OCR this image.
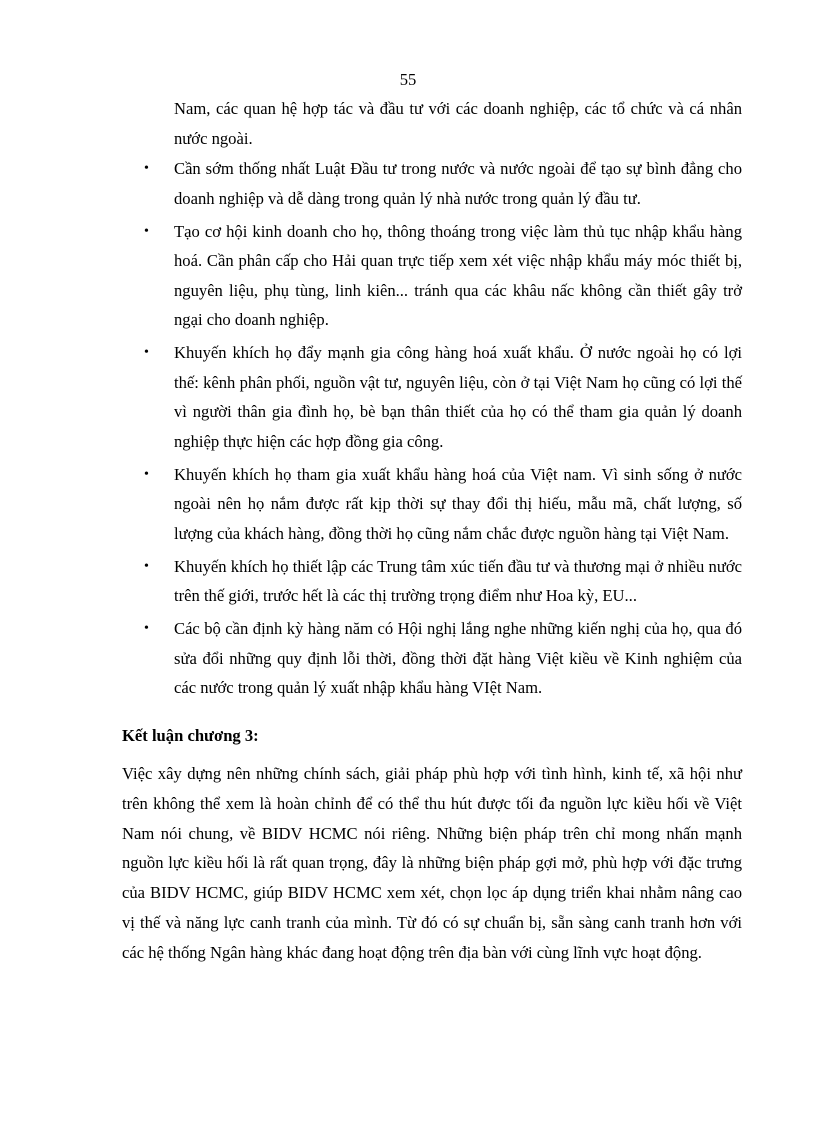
55

Nam, các quan hệ hợp tác và đầu tư với các doanh nghiệp, các tổ chức và cá nhân nước ngoài.

• Cần sớm thống nhất Luật Đầu tư trong nước và nước ngoài để tạo sự bình đẳng cho doanh nghiệp và dễ dàng trong quản lý nhà nước trong quản lý đầu tư.
• Tạo cơ hội kinh doanh cho họ, thông thoáng trong việc làm thủ tục nhập khẩu hàng hoá. Cần phân cấp cho Hải quan trực tiếp xem xét việc nhập khẩu máy móc thiết bị, nguyên liệu, phụ tùng, linh kiên... tránh qua các khâu nấc không cần thiết gây trở ngại cho doanh nghiệp.
• Khuyến khích họ đẩy mạnh gia công hàng hoá xuất khẩu. Ở nước ngoài họ có lợi thế: kênh phân phối, nguồn vật tư, nguyên liệu, còn ở tại Việt Nam họ cũng có lợi thế vì người thân gia đình họ, bè bạn thân thiết của họ có thể tham gia quản lý doanh nghiệp thực hiện các hợp đồng gia công.
• Khuyến khích họ tham gia xuất khẩu hàng hoá của Việt nam. Vì sinh sống ở nước ngoài nên họ nắm được rất kịp thời sự thay đổi thị hiếu, mẫu mã, chất lượng, số lượng của khách hàng, đồng thời họ cũng nắm chắc được nguồn hàng tại Việt Nam.
• Khuyến khích họ thiết lập các Trung tâm xúc tiến đầu tư và thương mại ở nhiều nước trên thế giới, trước hết là các thị trường trọng điểm như Hoa kỳ, EU...
• Các bộ cần định kỳ hàng năm có Hội nghị lắng nghe những kiến nghị của họ, qua đó sửa đổi những quy định lỗi thời, đồng thời đặt hàng Việt kiều về Kinh nghiệm của các nước trong quản lý xuất nhập khẩu hàng VIệt Nam.
Kết luận chương 3:

Việc xây dựng nên những chính sách, giải pháp phù hợp với tình hình, kinh tế, xã hội như trên không thể xem là hoàn chỉnh để có thể thu hút được tối đa nguồn lực kiều hối về Việt Nam nói chung, về BIDV HCMC nói riêng. Những biện pháp trên chỉ mong nhấn mạnh nguồn lực kiều hối là rất quan trọng, đây là những biện pháp gợi mở, phù hợp với đặc trưng của BIDV HCMC, giúp BIDV HCMC xem xét, chọn lọc áp dụng triển khai nhằm nâng cao vị thế và năng lực canh tranh của mình. Từ đó có sự chuẩn bị, sẵn sàng canh tranh hơn với các hệ thống Ngân hàng khác đang hoạt động trên địa bàn với cùng lĩnh vực hoạt động.
